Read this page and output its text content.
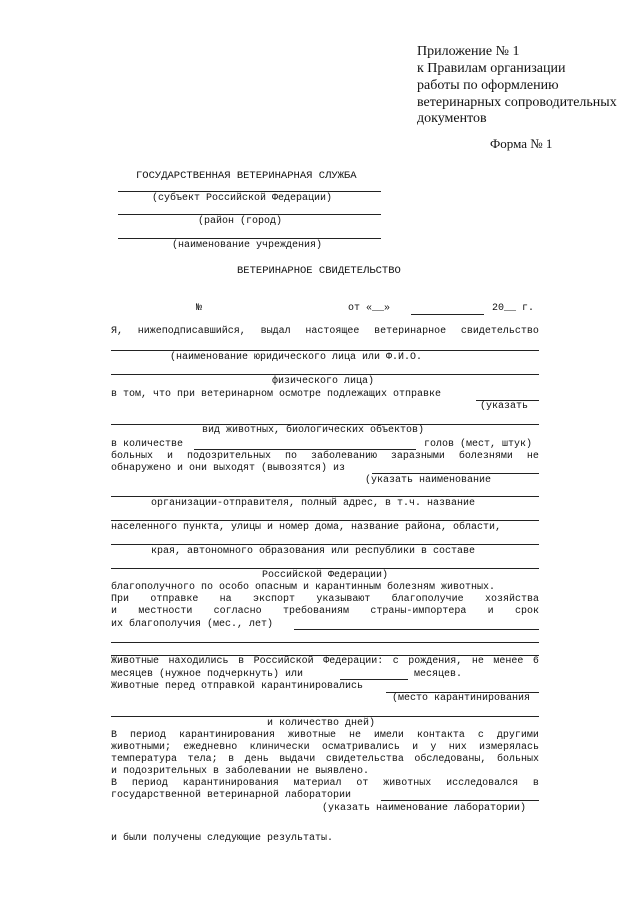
Приложение № 1
к Правилам организации
работы по оформлению
ветеринарных сопроводительных
документов
Форма № 1
ГОСУДАРСТВЕННАЯ ВЕТЕРИНАРНАЯ СЛУЖБА
(субъект Российской Федерации)
(район (город)
(наименование учреждения)
ВЕТЕРИНАРНОЕ СВИДЕТЕЛЬСТВО
№	от «__»	20__ г.
Я, нижеподписавшийся, выдал настоящее ветеринарное свидетельство
(наименование юридического лица или Ф.И.О.
физического лица)
в том, что при ветеринарном осмотре подлежащих отправке
(указать
вид животных, биологических объектов)
в количестве	голов (мест, штук)
больных и подозрительных по заболеванию заразными болезнями не
обнаружено и они выходят (вывозятся) из
(указать наименование
организации-отправителя, полный адрес, в т.ч. название
населенного пункта, улицы и номер дома, название района, области,
края, автономного образования или республики в составе
Российской Федерации)
благополучного по особо опасным и карантинным болезням животных.
При отправке на экспорт указывают благополучие хозяйства
и местности согласно требованиям страны-импортера и срок
их благополучия (мес., лет)
Животные находились в Российской Федерации: с рождения, не менее 6
месяцев (нужное подчеркнуть) или	месяцев.
Животные перед отправкой карантинировались
(место карантинирования
и количество дней)
В период карантинирования животные не имели контакта с другими
животными; ежедневно клинически осматривались и у них измерялась
температура тела; в день выдачи свидетельства обследованы, больных
и подозрительных в заболевании не выявлено.
В период карантинирования материал от животных исследовался в
государственной ветеринарной лаборатории
(указать наименование лаборатории)
и были получены следующие результаты.
